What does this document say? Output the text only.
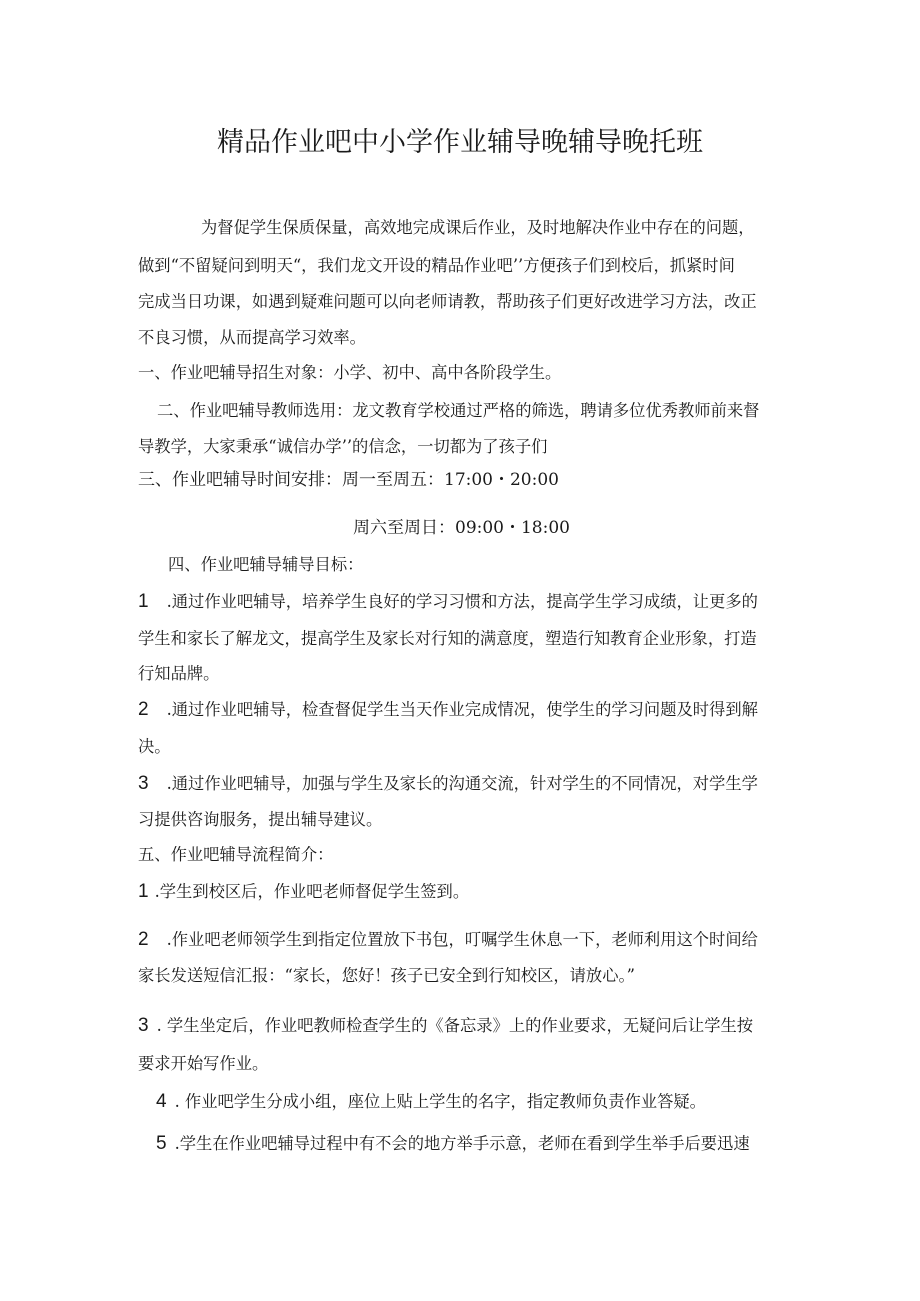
精品作业吧中小学作业辅导晚辅导晚托班
为督促学生保质保量，高效地完成课后作业，及时地解决作业中存在的问题，
做到“不留疑问到明天“，我们龙文开设的精品作业吧’’方便孩子们到校后，抓紧时间
完成当日功课，如遇到疑难问题可以向老师请教，帮助孩子们更好改进学习方法，改正
不良习惯，从而提高学习效率。
一、作业吧辅导招生对象：小学、初中、高中各阶段学生。
二、作业吧辅导教师选用：龙文教育学校通过严格的筛选，聘请多位优秀教师前来督
导教学，大家秉承“诚信办学’’的信念，一切都为了孩子们
三、作业吧辅导时间安排：周一至周五：17:00・20:00
周六至周日：09:00・18:00
四、作业吧辅导辅导目标：
1 .通过作业吧辅导，培养学生良好的学习习惯和方法，提高学生学习成绩，让更多的
学生和家长了解龙文，提高学生及家长对行知的满意度，塑造行知教育企业形象，打造
行知品牌。
2 .通过作业吧辅导，检查督促学生当天作业完成情况，使学生的学习问题及时得到解
决。
3 .通过作业吧辅导，加强与学生及家长的沟通交流，针对学生的不同情况，对学生学
习提供咨询服务，提出辅导建议。
五、作业吧辅导流程简介：
1 .学生到校区后，作业吧老师督促学生签到。
2 .作业吧老师领学生到指定位置放下书包，叮嘱学生休息一下，老师利用这个时间给
家长发送短信汇报：“家长，您好！孩子已安全到行知校区，请放心。”
3 . 学生坐定后，作业吧教师检查学生的《备忘录》上的作业要求，无疑问后让学生按
要求开始写作业。
4 . 作业吧学生分成小组，座位上贴上学生的名字，指定教师负责作业答疑。
5 .学生在作业吧辅导过程中有不会的地方举手示意，老师在看到学生举手后要迅速
